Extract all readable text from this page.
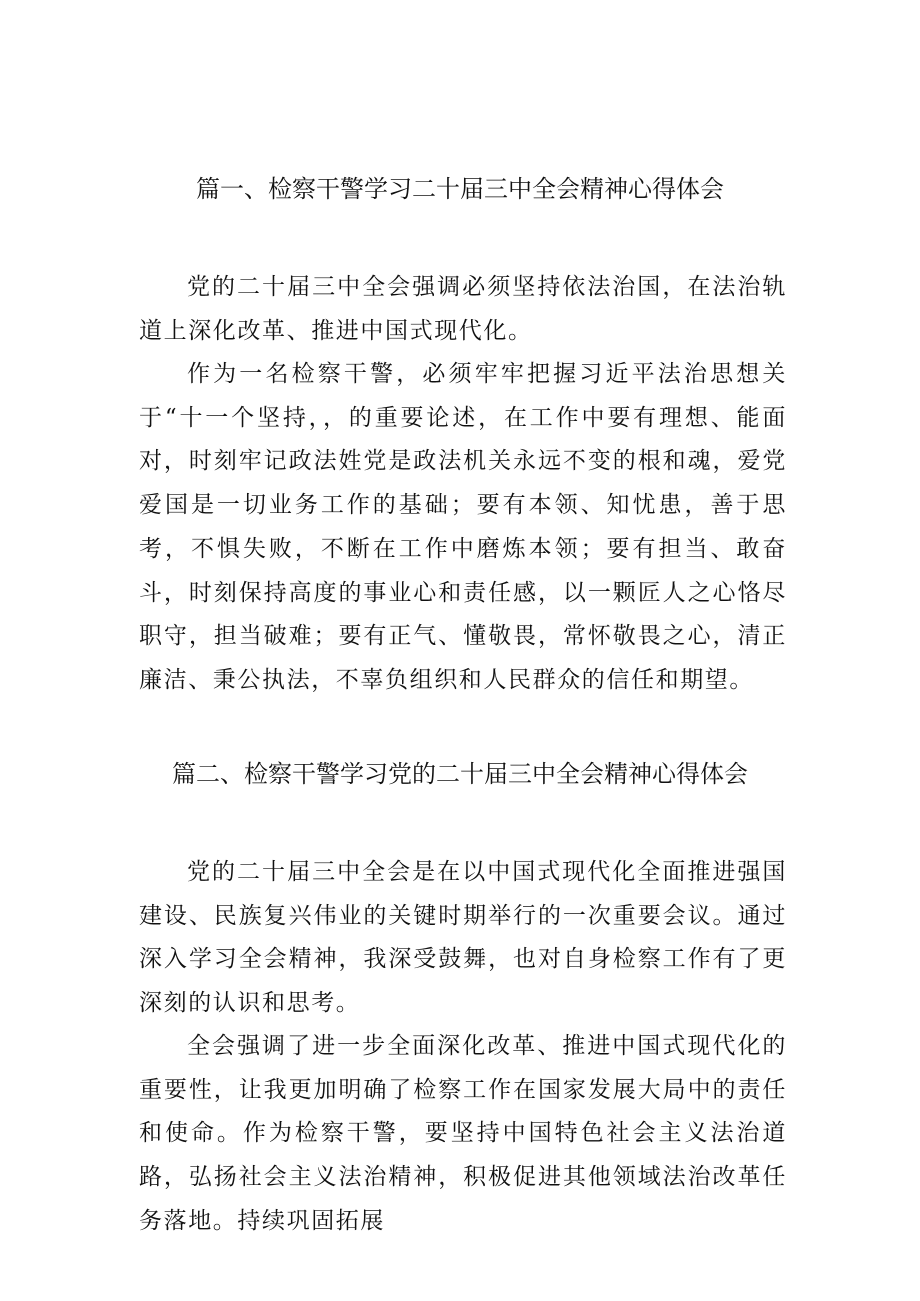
篇一、检察干警学习二十届三中全会精神心得体会

党的二十届三中全会强调必须坚持依法治国，在法治轨道上深化改革、推进中国式现代化。

作为一名检察干警，必须牢牢把握习近平法治思想关于“十一个坚持，，的重要论述，在工作中要有理想、能面对，时刻牢记政法姓党是政法机关永远不变的根和魂，爱党爱国是一切业务工作的基础；要有本领、知忧患，善于思考，不惧失败，不断在工作中磨炼本领；要有担当、敢奋斗，时刻保持高度的事业心和责任感，以一颗匠人之心恪尽职守，担当破难；要有正气、懂敬畏，常怀敬畏之心，清正廉洁、秉公执法，不辜负组织和人民群众的信任和期望。

篇二、检察干警学习党的二十届三中全会精神心得体会

党的二十届三中全会是在以中国式现代化全面推进强国建设、民族复兴伟业的关键时期举行的一次重要会议。通过深入学习全会精神，我深受鼓舞，也对自身检察工作有了更深刻的认识和思考。

全会强调了进一步全面深化改革、推进中国式现代化的重要性，让我更加明确了检察工作在国家发展大局中的责任和使命。作为检察干警，要坚持中国特色社会主义法治道路，弘扬社会主义法治精神，积极促进其他领域法治改革任务落地。持续巩固拓展
